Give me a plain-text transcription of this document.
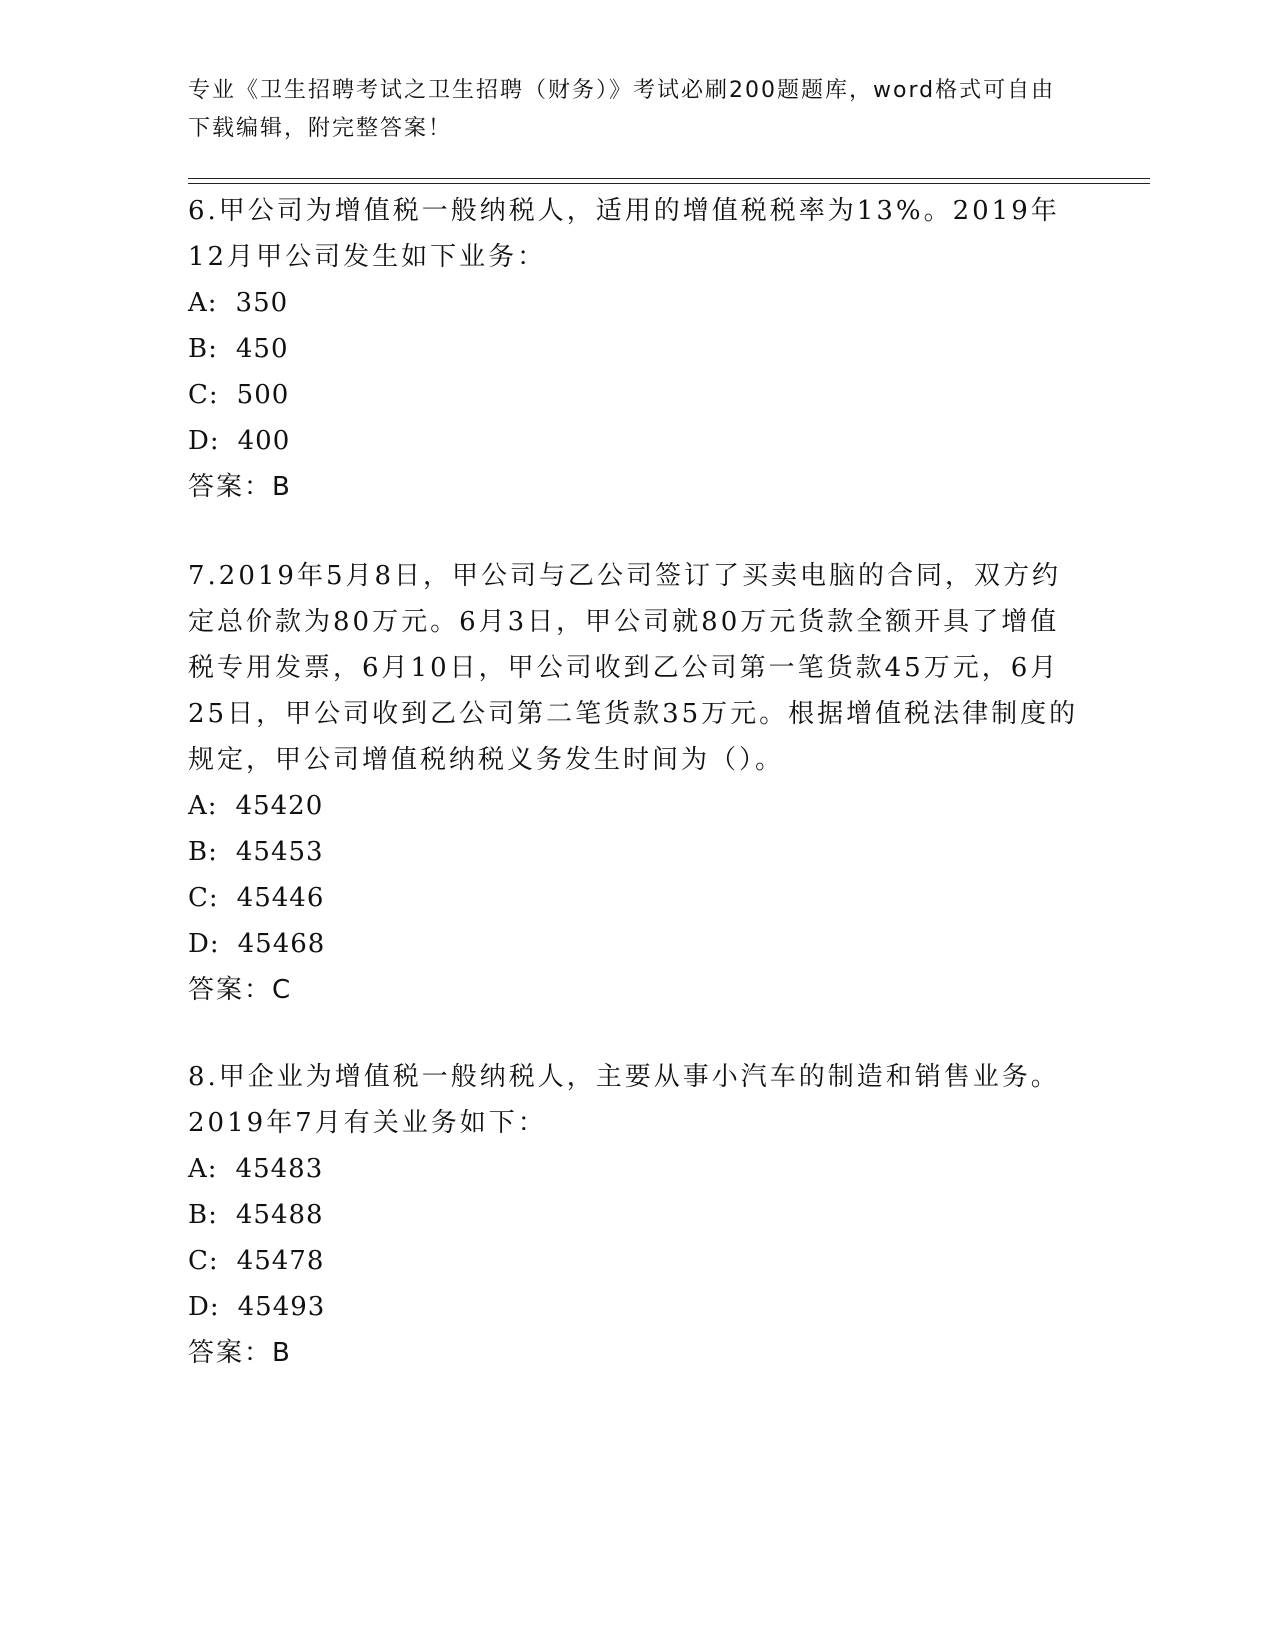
专业《卫生招聘考试之卫生招聘（财务）》考试必刷200题题库，word格式可自由下载编辑，附完整答案！

6.甲公司为增值税一般纳税人，适用的增值税税率为13%。2019年12月甲公司发生如下业务：

A: 350

B: 450

C: 500

D: 400

答案：B

7.2019年5月8日，甲公司与乙公司签订了买卖电脑的合同，双方约定总价款为80万元。6月3日，甲公司就80万元货款全额开具了增值税专用发票，6月10日，甲公司收到乙公司第一笔货款45万元，6月25日，甲公司收到乙公司第二笔货款35万元。根据增值税法律制度的规定，甲公司增值税纳税义务发生时间为（）。

A: 45420

B: 45453

C: 45446

D: 45468

答案：C

8.甲企业为增值税一般纳税人，主要从事小汽车的制造和销售业务。2019年7月有关业务如下：

A: 45483

B: 45488

C: 45478

D: 45493

答案：B
